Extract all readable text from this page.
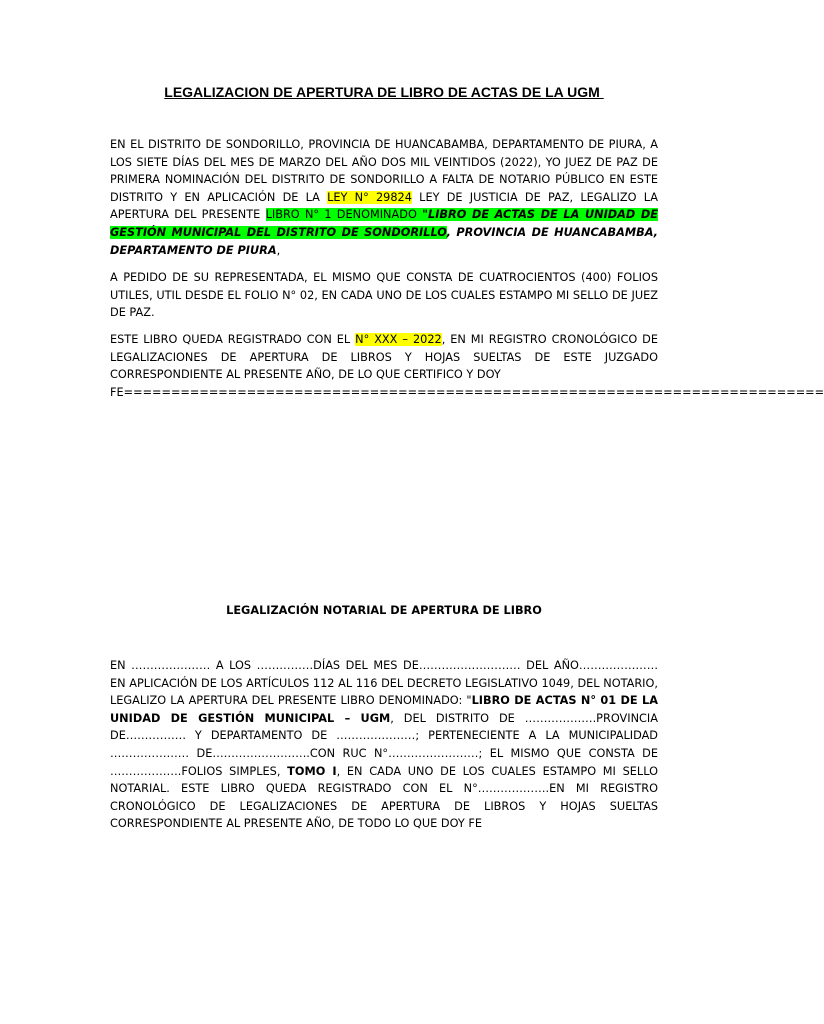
LEGALIZACION DE APERTURA DE LIBRO DE ACTAS DE LA UGM
EN EL DISTRITO DE SONDORILLO, PROVINCIA DE HUANCABAMBA, DEPARTAMENTO DE PIURA, A LOS SIETE DÍAS DEL MES DE MARZO DEL AÑO DOS MIL VEINTIDOS (2022), YO JUEZ DE PAZ DE PRIMERA NOMINACIÓN DEL DISTRITO DE SONDORILLO A FALTA DE NOTARIO PÚBLICO EN ESTE DISTRITO Y EN APLICACIÓN DE LA LEY N° 29824 LEY DE JUSTICIA DE PAZ, LEGALIZO LA APERTURA DEL PRESENTE LIBRO N° 1 DENOMINADO "LIBRO DE ACTAS DE LA UNIDAD DE GESTIÓN MUNICIPAL DEL DISTRITO DE SONDORILLO, PROVINCIA DE HUANCABAMBA, DEPARTAMENTO DE PIURA,
A PEDIDO DE SU REPRESENTADA, EL MISMO QUE CONSTA DE CUATROCIENTOS (400) FOLIOS UTILES, UTIL DESDE EL FOLIO N° 02, EN CADA UNO DE LOS CUALES ESTAMPO MI SELLO DE JUEZ DE PAZ.
ESTE LIBRO QUEDA REGISTRADO CON EL N° XXX – 2022, EN MI REGISTRO CRONOLÓGICO DE LEGALIZACIONES DE APERTURA DE LIBROS Y HOJAS SUELTAS DE ESTE JUZGADO CORRESPONDIENTE AL PRESENTE AÑO, DE LO QUE CERTIFICO Y DOY
FE==========================================================================
LEGALIZACIÓN NOTARIAL DE APERTURA DE LIBRO
EN ………………… A LOS ……………DÍAS DEL MES DE……………………… DEL AÑO………………… EN APLICACIÓN DE LOS ARTÍCULOS 112 AL 116 DEL DECRETO LEGISLATIVO 1049, DEL NOTARIO, LEGALIZO LA APERTURA DEL PRESENTE LIBRO DENOMINADO: "LIBRO DE ACTAS N° 01 DE LA UNIDAD DE GESTIÓN MUNICIPAL – UGM, DEL DISTRITO DE ……………….PROVINCIA DE……………. Y DEPARTAMENTO DE …………………; PERTENECIENTE A LA MUNICIPALIDAD ………………… DE……………………..CON RUC N°……………………; EL MISMO QUE CONSTA DE ……………….FOLIOS SIMPLES, TOMO I, EN CADA UNO DE LOS CUALES ESTAMPO MI SELLO NOTARIAL. ESTE LIBRO QUEDA REGISTRADO CON EL N°……………….EN MI REGISTRO CRONOLÓGICO DE LEGALIZACIONES DE APERTURA DE LIBROS Y HOJAS SUELTAS CORRESPONDIENTE AL PRESENTE AÑO, DE TODO LO QUE DOY FE
